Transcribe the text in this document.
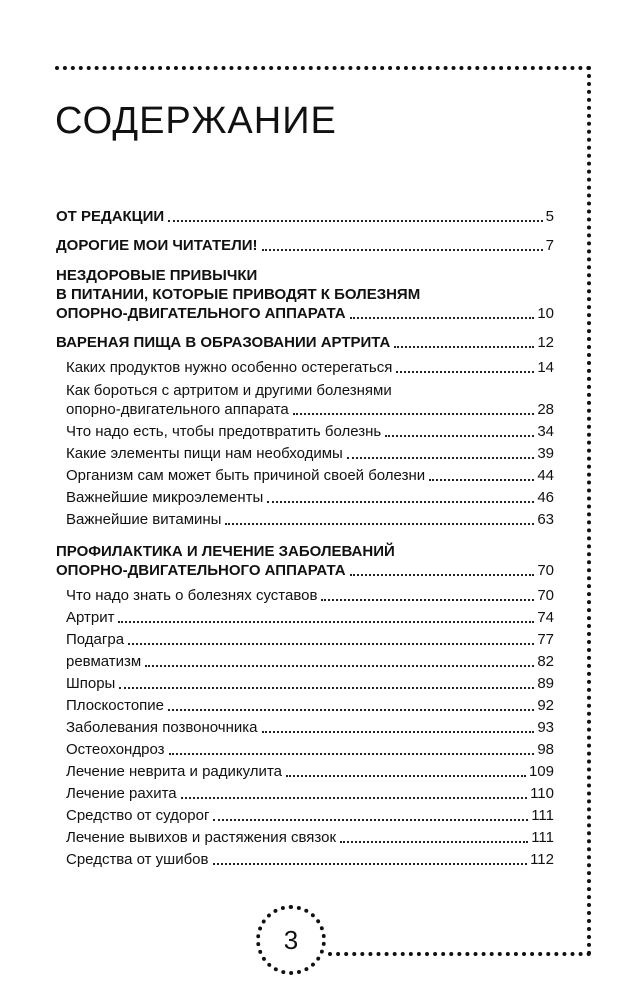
СОДЕРЖАНИЕ
ОТ РЕДАКЦИИ	5
ДОРОГИЕ МОИ ЧИТАТЕЛИ!	7
НЕЗДОРОВЫЕ ПРИВЫЧКИ
В ПИТАНИИ, КОТОРЫЕ ПРИВОДЯТ К БОЛЕЗНЯМ
ОПОРНО-ДВИГАТЕЛЬНОГО АППАРАТА	10
ВАРЕНАЯ ПИЩА В ОБРАЗОВАНИИ АРТРИТА	12
Каких продуктов нужно особенно остерегаться	14
Как бороться с артритом и другими болезнями
опорно-двигательного аппарата	28
Что надо есть, чтобы предотвратить болезнь	34
Какие элементы пищи нам необходимы	39
Организм сам может быть причиной своей болезни	44
Важнейшие микроэлементы	46
Важнейшие витамины	63
ПРОФИЛАКТИКА И ЛЕЧЕНИЕ ЗАБОЛЕВАНИЙ
ОПОРНО-ДВИГАТЕЛЬНОГО АППАРАТА	70
Что надо знать о болезнях суставов	70
Артрит	74
Подагра	77
ревматизм	82
Шпоры	89
Плоскостопие	92
Заболевания позвоночника	93
Остеохондроз	98
Лечение неврита и радикулита	109
Лечение рахита	110
Средство от судорог	111
Лечение вывихов и растяжения связок	111
Средства от ушибов	112
3
